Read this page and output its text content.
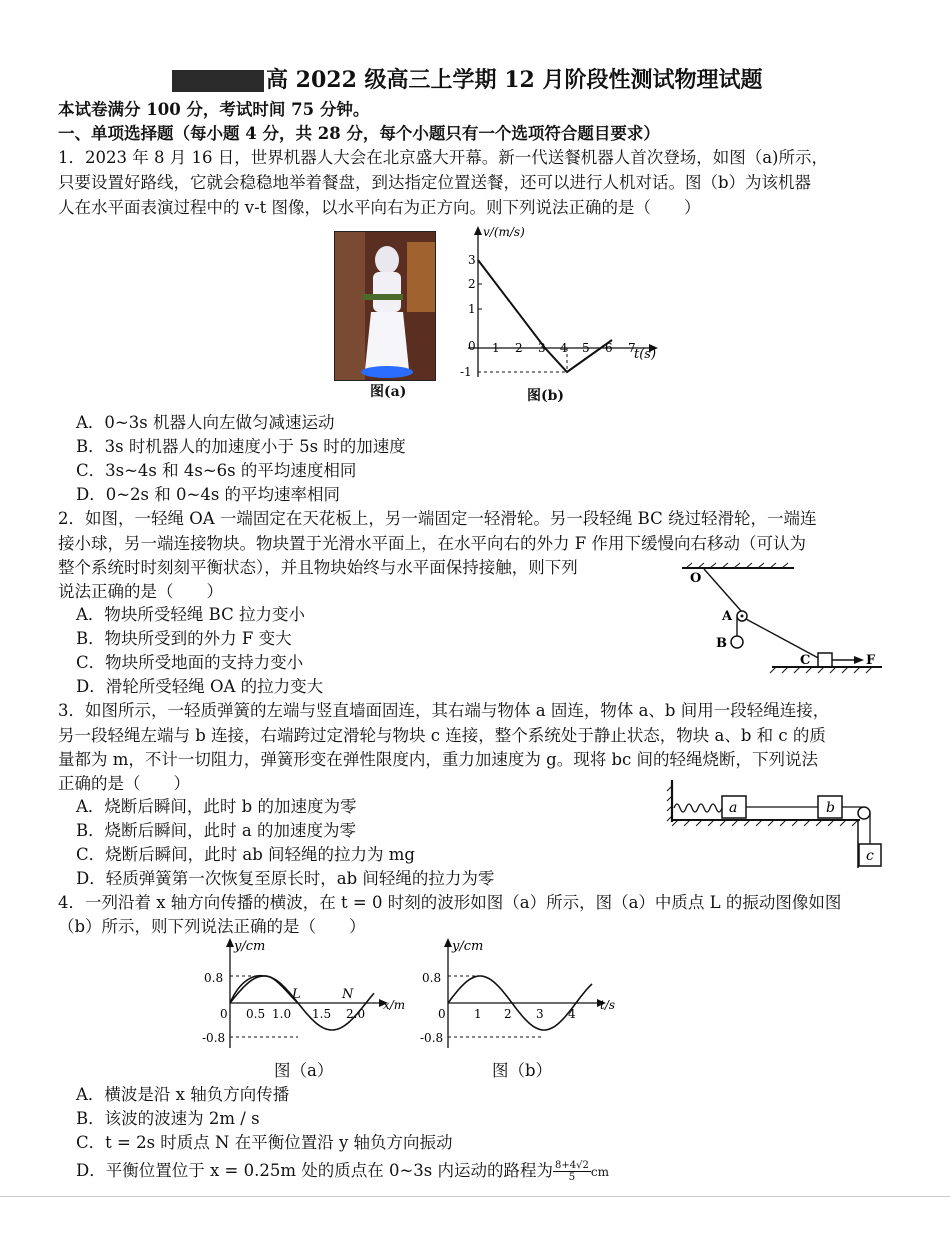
高 2022 级高三上学期 12 月阶段性测试物理试题
本试卷满分 100 分，考试时间 75 分钟。
一、单项选择题（每小题 4 分，共 28 分，每个小题只有一个选项符合题目要求）
1．2023 年 8 月 16 日，世界机器人大会在北京盛大开幕。新一代送餐机器人首次登场，如图（a)所示，
只要设置好路线，它就会稳稳地举着餐盘，到达指定位置送餐，还可以进行人机对话。图（b）为该机器
人在水平面表演过程中的 v-t 图像，以水平向右为正方向。则下列说法正确的是（　　）
图(a)
v/(m/s)
t(s)
3
2
1
-1
0 1 2 3 4 5 6 7
图(b)
A．0~3s 机器人向左做匀减速运动
B．3s 时机器人的加速度小于 5s 时的加速度
C．3s~4s 和 4s~6s 的平均速度相同
D．0~2s 和 0~4s 的平均速率相同
2．如图，一轻绳 OA 一端固定在天花板上，另一端固定一轻滑轮。另一段轻绳 BC 绕过轻滑轮，一端连
接小球，另一端连接物块。物块置于光滑水平面上，在水平向右的外力 F 作用下缓慢向右移动（可认为
整个系统时时刻刻平衡状态），并且物块始终与水平面保持接触，则下列
说法正确的是（　　）
O
A
B
C	F
A．物块所受轻绳 BC 拉力变小
B．物块所受到的外力 F 变大
C．物块所受地面的支持力变小
D．滑轮所受轻绳 OA 的拉力变大
3．如图所示，一轻质弹簧的左端与竖直墙面固连，其右端与物体 a 固连，物体 a、b 间用一段轻绳连接，
另一段轻绳左端与 b 连接，右端跨过定滑轮与物块 c 连接，整个系统处于静止状态，物块 a、b 和 c 的质
量都为 m，不计一切阻力，弹簧形变在弹性限度内，重力加速度为 g。现将 bc 间的轻绳烧断，下列说法
正确的是（　　）
a	b
c
A．烧断后瞬间，此时 b 的加速度为零
B．烧断后瞬间，此时 a 的加速度为零
C．烧断后瞬间，此时 ab 间轻绳的拉力为 mg
D．轻质弹簧第一次恢复至原长时，ab 间轻绳的拉力为零
4．一列沿着 x 轴方向传播的横波，在 t = 0 时刻的波形如图（a）所示，图（a）中质点 L 的振动图像如图
（b）所示，则下列说法正确的是（　　）
y/cm
x/m
0.8
-0.8
0 0.5 1.0 1.5 2.0
L	N
图（a）
y/cm
t/s
0.8
-0.8
0 1 2 3 4
图（b）
A．横波是沿 x 轴负方向传播
B．该波的波速为 2m / s
C．t = 2s 时质点 N 在平衡位置沿 y 轴负方向振动
D．平衡位置位于 x = 0.25m 处的质点在 0~3s 内运动的路程为 $\frac{8+4√2}{5}$ cm
